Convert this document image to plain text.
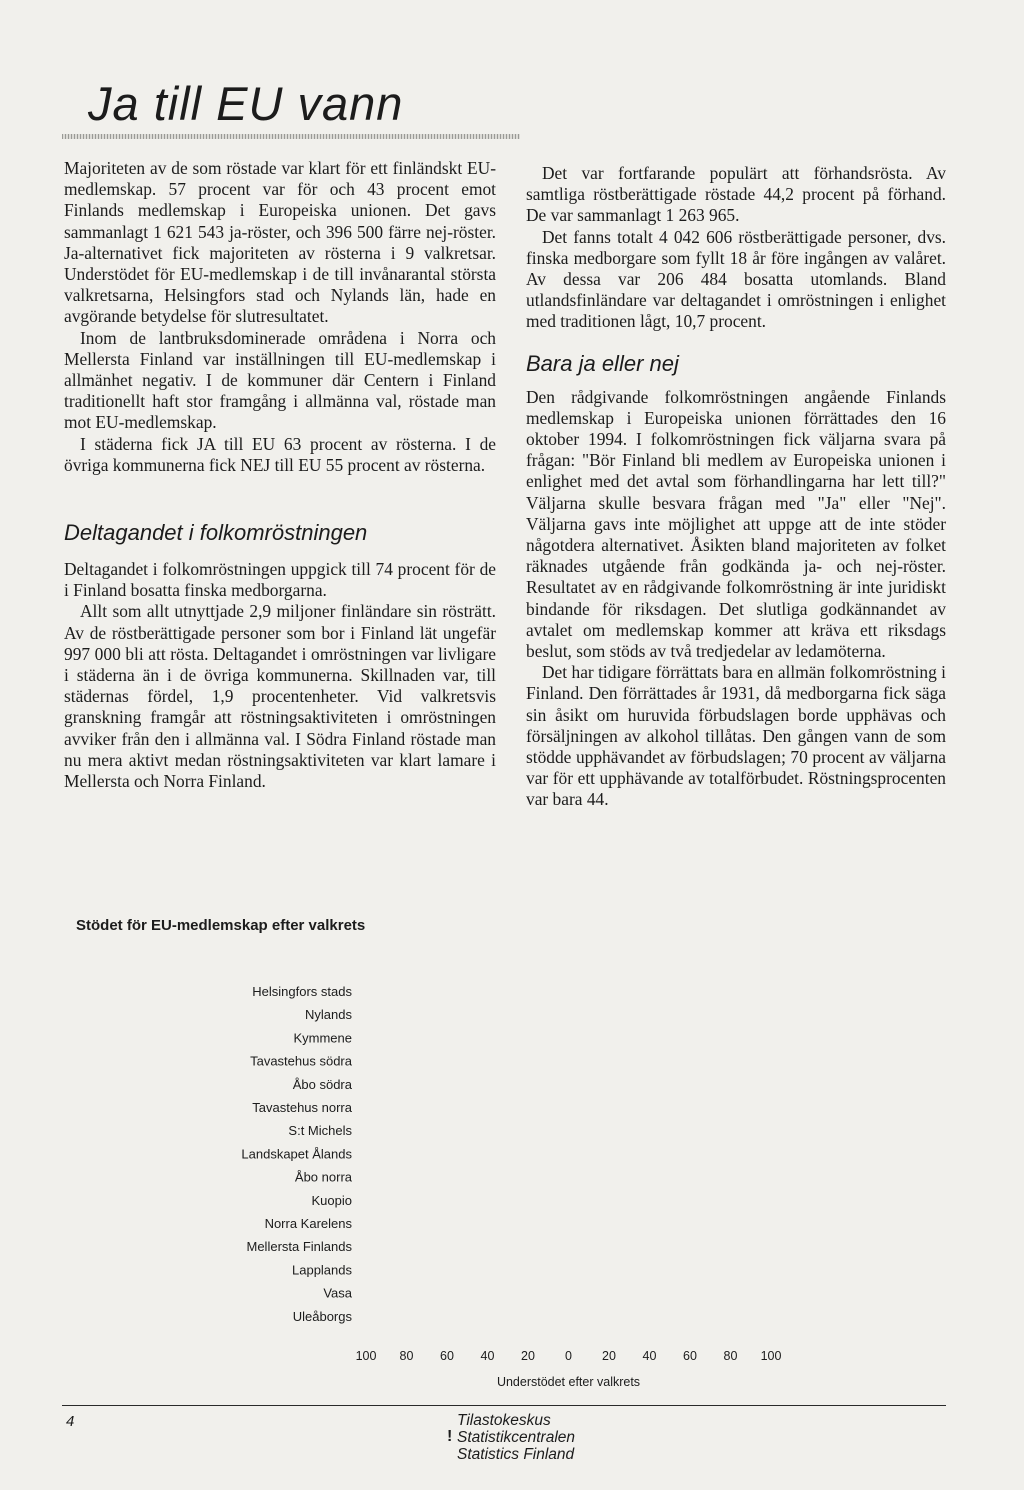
Ja till EU vann

Majoriteten av de som röstade var klart för ett finländskt EU-medlemskap. 57 procent var för och 43 procent emot Finlands medlemskap i Europeiska unionen. Det gavs sammanlagt 1 621 543 ja-röster, och 396 500 färre nej-röster. Ja-alternativet fick majoriteten av rösterna i 9 valkretsar. Understödet för EU-medlemskap i de till invånarantal största valkretsarna, Helsingfors stad och Nylands län, hade en avgörande betydelse för slutresultatet.

Inom de lantbruksdominerade områdena i Norra och Mellersta Finland var inställningen till EU-medlemskap i allmänhet negativ. I de kommuner där Centern i Finland traditionellt haft stor framgång i allmänna val, röstade man mot EU-medlemskap.

I städerna fick JA till EU 63 procent av rösterna. I de övriga kommunerna fick NEJ till EU 55 procent av rösterna.

Deltagandet i folkomröstningen

Deltagandet i folkomröstningen uppgick till 74 procent för de i Finland bosatta finska medborgarna.

Allt som allt utnyttjade 2,9 miljoner finländare sin rösträtt. Av de röstberättigade personer som bor i Finland lät ungefär 997 000 bli att rösta. Deltagandet i omröstningen var livligare i städerna än i de övriga kommunerna. Skillnaden var, till städernas fördel, 1,9 procentenheter. Vid valkretsvis granskning framgår att röstningsaktiviteten i omröstningen avviker från den i allmänna val. I Södra Finland röstade man nu mera aktivt medan röstningsaktiviteten var klart lamare i Mellersta och Norra Finland.

Det var fortfarande populärt att förhandsrösta. Av samtliga röstberättigade röstade 44,2 procent på förhand. De var sammanlagt 1 263 965.

Det fanns totalt 4 042 606 röstberättigade personer, dvs. finska medborgare som fyllt 18 år före ingången av valåret. Av dessa var 206 484 bosatta utomlands. Bland utlandsfinländare var deltagandet i omröstningen i enlighet med traditionen lågt, 10,7 procent.

Bara ja eller nej

Den rådgivande folkomröstningen angående Finlands medlemskap i Europeiska unionen förrättades den 16 oktober 1994. I folkomröstningen fick väljarna svara på frågan: "Bör Finland bli medlem av Europeiska unionen i enlighet med det avtal som förhandlingarna har lett till?" Väljarna skulle besvara frågan med "Ja" eller "Nej". Väljarna gavs inte möjlighet att uppge att de inte stöder någotdera alternativet. Åsikten bland majoriteten av folket räknades utgående från godkända ja- och nej-röster. Resultatet av en rådgivande folkomröstning är inte juridiskt bindande för riksdagen. Det slutliga godkännandet av avtalet om medlemskap kommer att kräva ett riksdags beslut, som stöds av två tredjedelar av ledamöterna.

Det har tidigare förrättats bara en allmän folkomröstning i Finland. Den förrättades år 1931, då medborgarna fick säga sin åsikt om huruvida förbudslagen borde upphävas och försäljningen av alkohol tillåtas. Den gången vann de som stödde upphävandet av förbudslagen; 70 procent av väljarna var för ett upphävande av totalförbudet. Röstningsprocenten var bara 44.

Stödet för EU-medlemskap efter valkrets
Helsingfors stads
Nylands
Kymmene
Tavastehus södra
Åbo södra
Tavastehus norra
S:t Michels
Landskapet Ålands
Åbo norra
Kuopio
Norra Karelens
Mellersta Finlands
Lapplands
Vasa
Uleåborgs
100 80 60 40 20 0 20 40 60 80 100
Understödet efter valkrets
4
!
Tilastokeskus
Statistikcentralen
Statistics Finland
